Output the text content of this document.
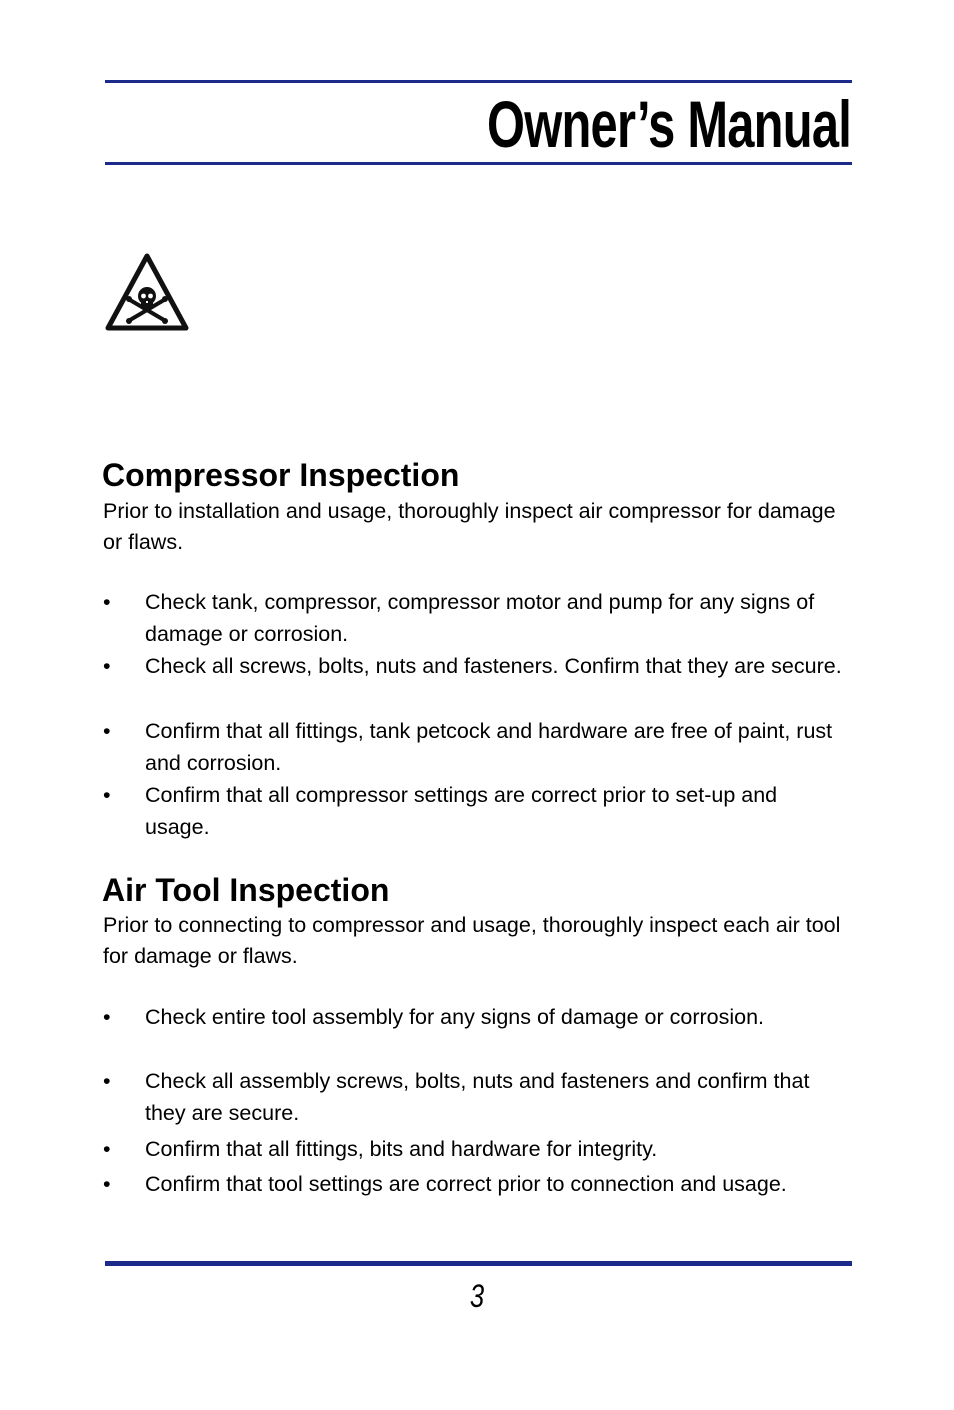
Owner’s Manual
Compressor Inspection

Prior to installation and usage, thoroughly inspect air compressor for damage or flaws.

•	Check tank, compressor, compressor motor and pump for any signs of damage or corrosion.
•	Check all screws, bolts, nuts and fasteners. Confirm that they are secure.
•	Confirm that all fittings, tank petcock and hardware are free of paint, rust and corrosion.
•	Confirm that all compressor settings are correct prior to set-up and usage.
Air Tool Inspection

Prior to connecting to compressor and usage, thoroughly inspect each air tool for damage or flaws.

•	Check entire tool assembly for any signs of damage or corrosion.
•	Check all assembly screws, bolts, nuts and fasteners and confirm that they are secure.
•	Confirm that all fittings, bits and hardware for integrity.
•	Confirm that tool settings are correct prior to connection and usage.
3
